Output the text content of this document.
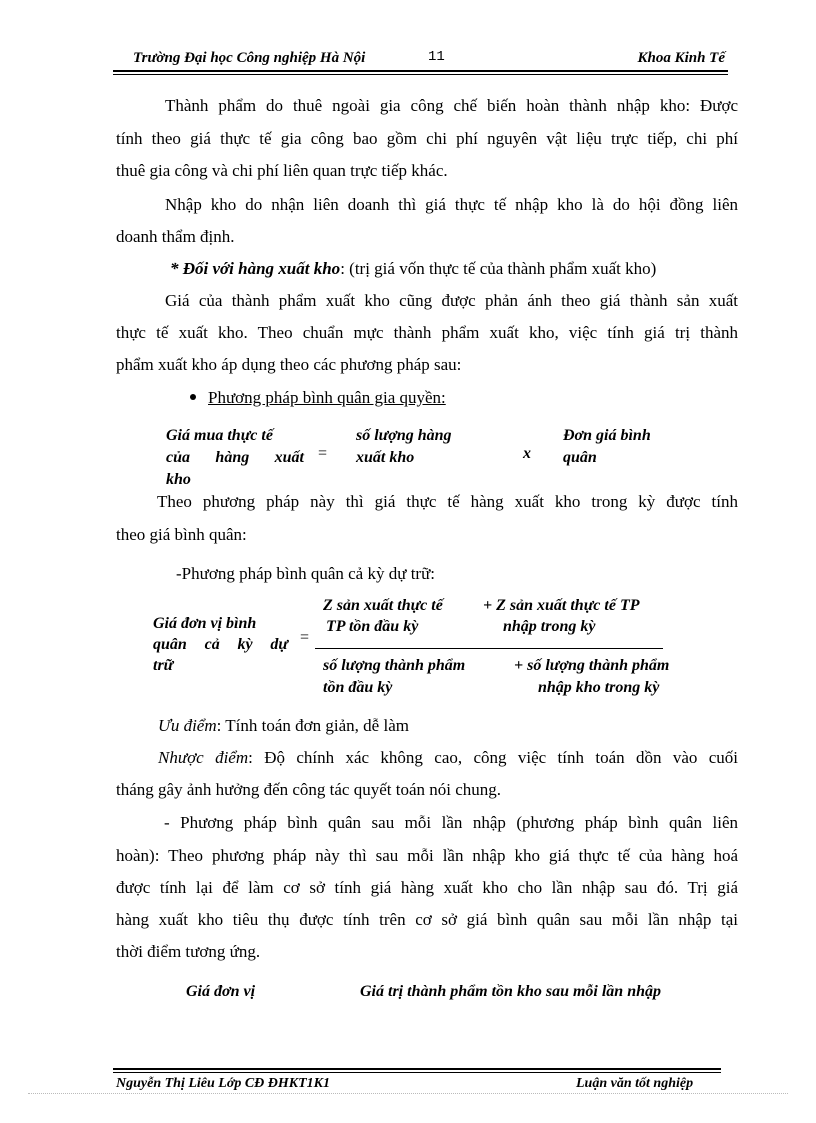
Trường Đại học Công nghiệp Hà Nội	11	Khoa Kinh Tế
Thành phẩm do thuê ngoài gia công chế biến hoàn thành nhập kho: Được
tính theo giá thực tế gia công bao gồm chi phí nguyên vật liệu trực tiếp, chi phí
thuê gia công và chi phí liên quan trực tiếp khác.
Nhập kho do nhận liên doanh thì giá thực tế nhập kho là do hội đồng liên
doanh thẩm định.
* Đối với hàng xuất kho: (trị giá vốn thực tế của thành phẩm xuất kho)
Giá của thành phẩm xuất kho cũng được phản ánh theo giá thành sản xuất
thực tế xuất kho. Theo chuẩn mực thành phẩm xuất kho, việc tính giá trị thành
phẩm xuất kho áp dụng theo các phương pháp sau:
Phương pháp bình quân gia quyền:
Giá mua thực tế
của hàng xuất
kho
=
số lượng hàng
xuất kho	x
Đơn giá bình
quân
Theo phương pháp này thì giá thực tế hàng xuất kho trong kỳ được tính
theo giá bình quân:
-Phương pháp bình quân cả kỳ dự trữ:
Giá đơn vị bình
quân cả kỳ dự
trữ
=
Z sản xuất thực tế
TP tồn đầu kỳ
+ Z sản xuất thực tế TP
nhập trong kỳ
số lượng thành phẩm
tồn đầu kỳ
+ số lượng thành phẩm
nhập kho trong kỳ
Ưu điểm: Tính toán đơn giản, dễ làm
Nhược điểm: Độ chính xác không cao, công việc tính toán dồn vào cuối
tháng gây ảnh hưởng đến công tác quyết toán nói chung.
- Phương pháp bình quân sau mỗi lần nhập (phương pháp bình quân liên
hoàn): Theo phương pháp này thì sau mỗi lần nhập kho giá thực tế của hàng hoá
được tính lại để làm cơ sở tính giá hàng xuất kho cho lần nhập sau đó. Trị giá
hàng xuất kho tiêu thụ được tính trên cơ sở giá bình quân sau mỗi lần nhập tại
thời điểm tương ứng.
Giá đơn vị	Giá trị thành phẩm tồn kho sau mỗi lần nhập
Nguyễn Thị Liêu Lớp CĐ ĐHKT1K1	Luận văn tốt nghiệp
